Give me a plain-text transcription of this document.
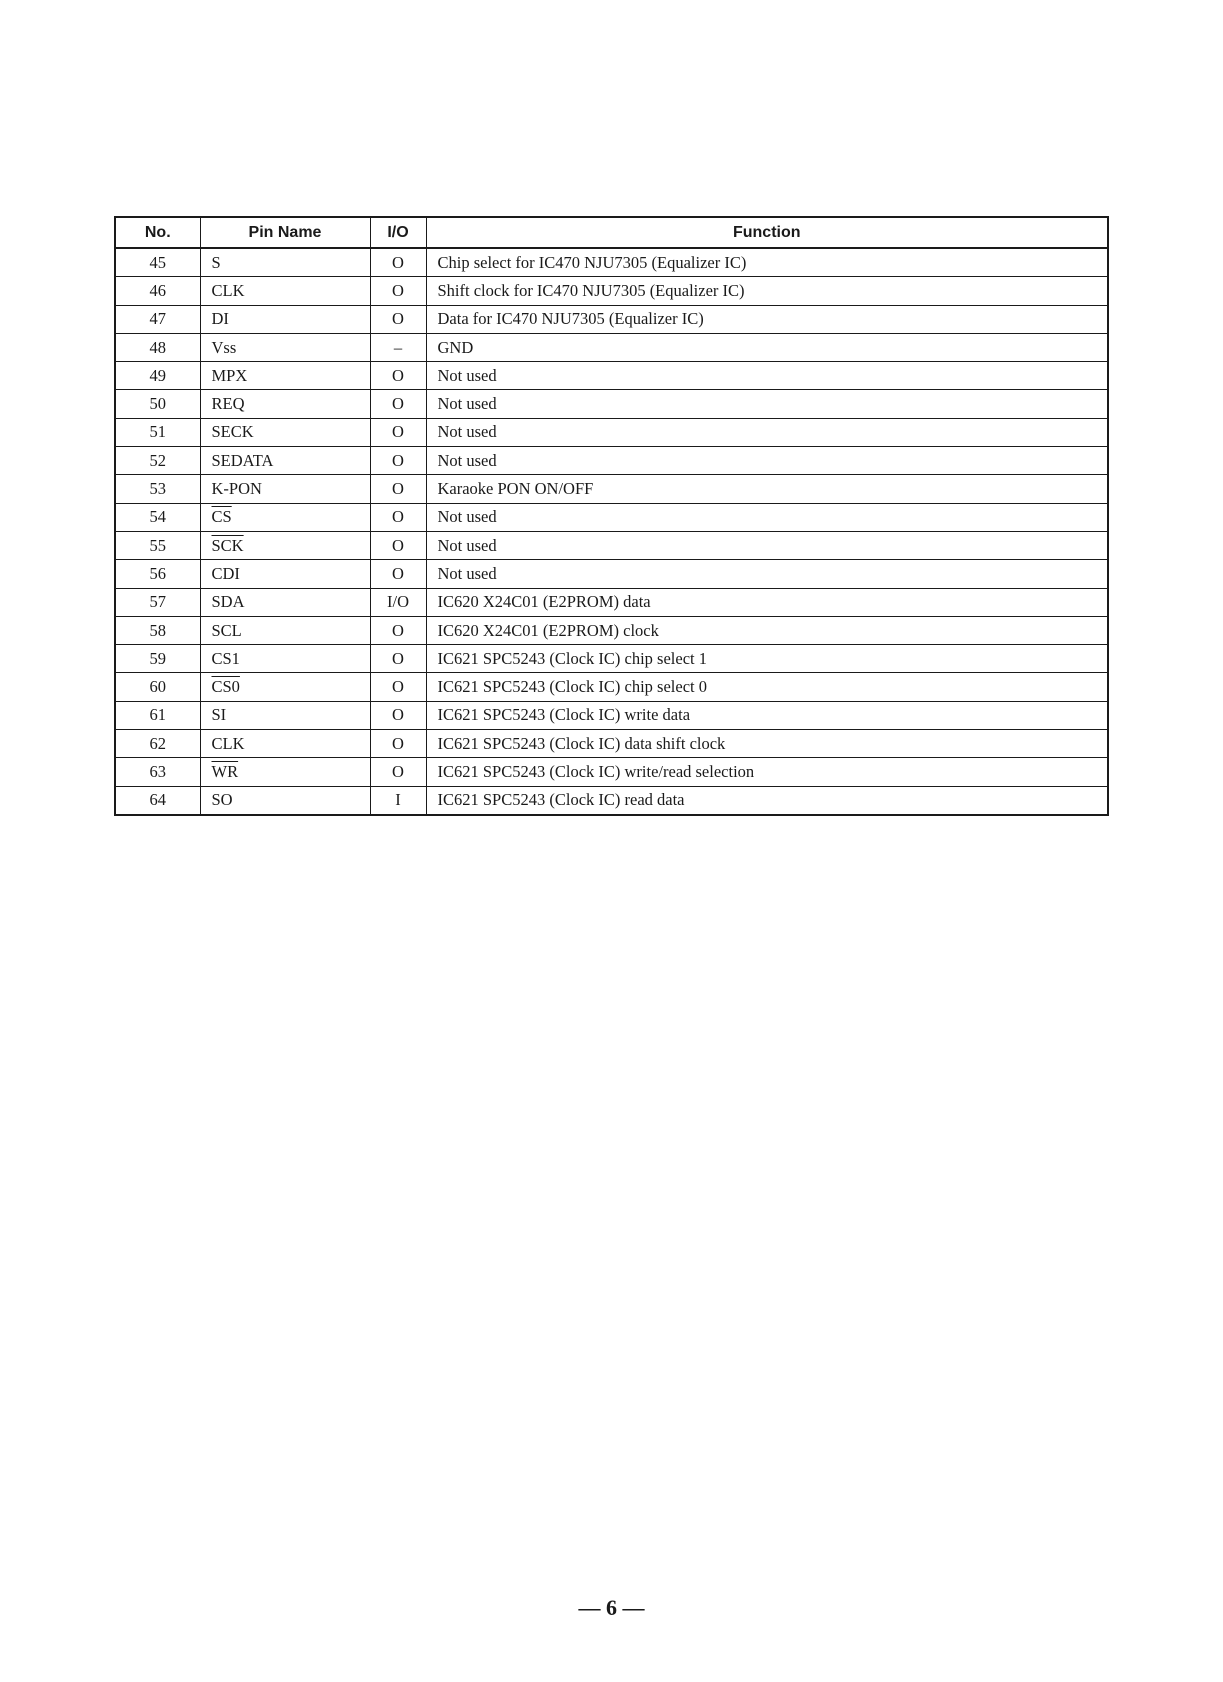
No.	Pin Name	I/O	Function
45	S	O	Chip select for IC470 NJU7305 (Equalizer IC)
46	CLK	O	Shift clock for IC470 NJU7305 (Equalizer IC)
47	DI	O	Data for IC470 NJU7305 (Equalizer IC)
48	Vss	–	GND
49	MPX	O	Not used
50	REQ	O	Not used
51	SECK	O	Not used
52	SEDATA	O	Not used
53	K-PON	O	Karaoke PON ON/OFF
54	$\overline{CS}$	O	Not used
55	$\overline{SCK}$	O	Not used
56	CDI	O	Not used
57	SDA	I/O	IC620 X24C01 (E2PROM) data
58	SCL	O	IC620 X24C01 (E2PROM) clock
59	CS1	O	IC621 SPC5243 (Clock IC) chip select 1
60	CS0	O	IC621 SPC5243 (Clock IC) chip select 0
61	SI	O	IC621 SPC5243 (Clock IC) write data
62	CLK	O	IC621 SPC5243 (Clock IC) data shift clock
63	$\overline{WR}$	O	IC621 SPC5243 (Clock IC) write/read selection
64	SO	I	IC621 SPC5243 (Clock IC) read data
— 6 —
